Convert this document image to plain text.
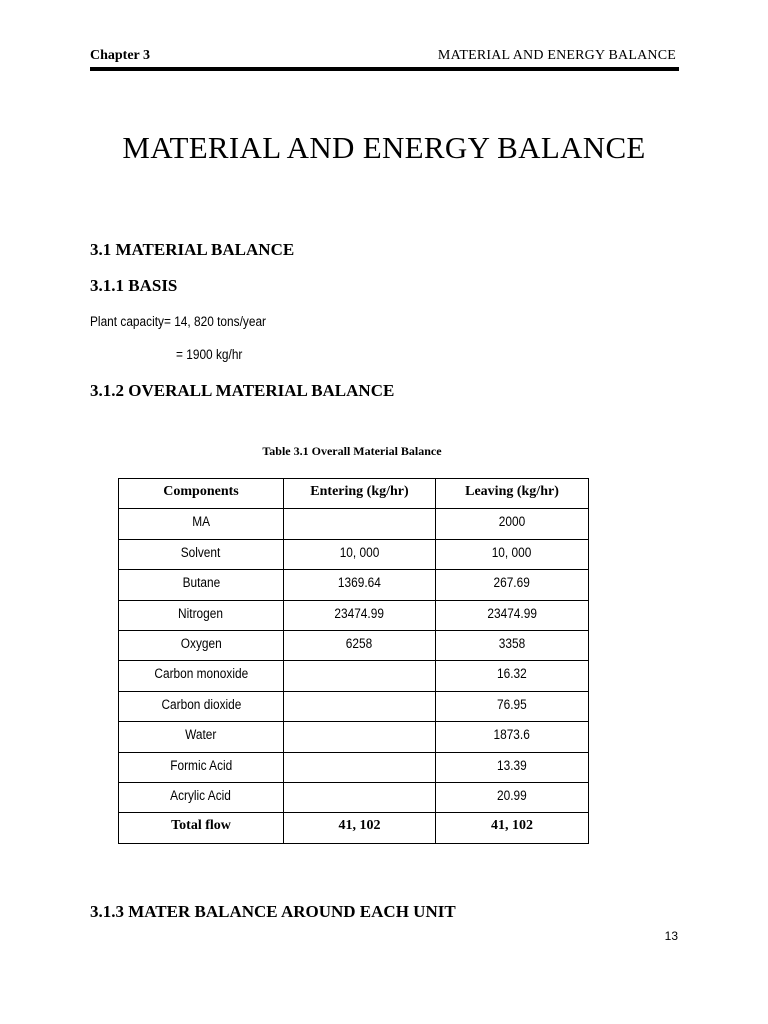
Chapter 3	MATERIAL AND ENERGY BALANCE
MATERIAL AND ENERGY BALANCE
3.1 MATERIAL BALANCE
3.1.1 BASIS
Plant capacity= 14, 820 tons/year
= 1900 kg/hr
3.1.2 OVERALL MATERIAL BALANCE
Table 3.1 Overall Material Balance
Components	Entering (kg/hr)	Leaving (kg/hr)
MA		2000
Solvent	10, 000	10, 000
Butane	1369.64	267.69
Nitrogen	23474.99	23474.99
Oxygen	6258	3358
Carbon monoxide		16.32
Carbon dioxide		76.95
Water		1873.6
Formic Acid		13.39
Acrylic Acid		20.99
Total flow	41, 102	41, 102
3.1.3 MATER BALANCE AROUND EACH UNIT
13
